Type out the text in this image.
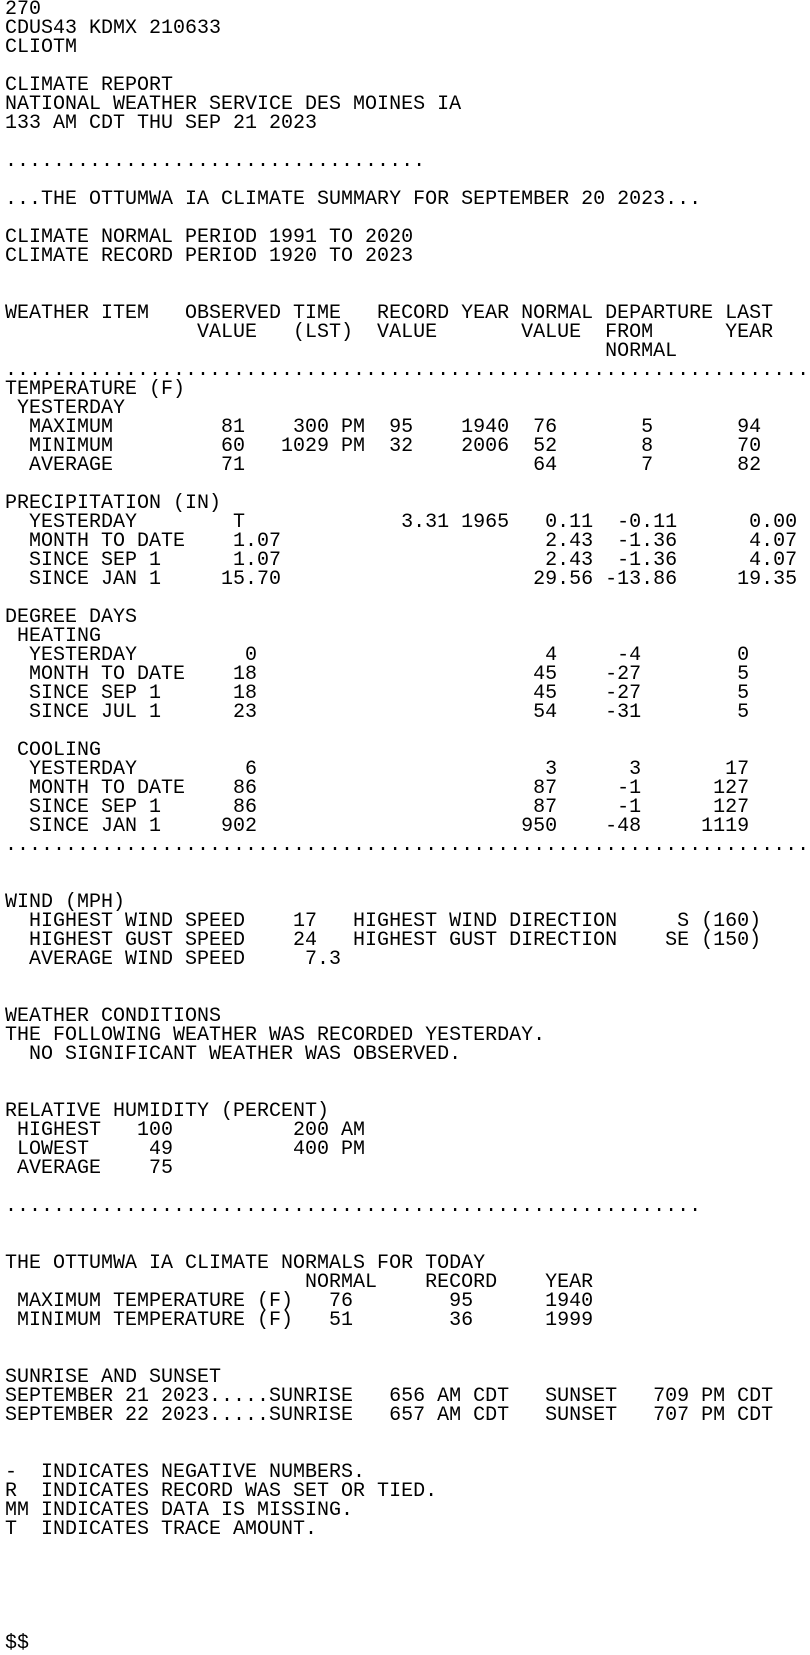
270
CDUS43 KDMX 210633
CLIOTM
CLIMATE REPORT
NATIONAL WEATHER SERVICE DES MOINES IA
133 AM CDT THU SEP 21 2023
...................................
...THE OTTUMWA IA CLIMATE SUMMARY FOR SEPTEMBER 20 2023...
CLIMATE NORMAL PERIOD 1991 TO 2020
CLIMATE RECORD PERIOD 1920 TO 2023
WEATHER ITEM   OBSERVED TIME   RECORD YEAR NORMAL DEPARTURE LAST
VALUE   (LST)  VALUE       VALUE  FROM      YEAR
NORMAL
...................................................................
TEMPERATURE (F)
YESTERDAY
MAXIMUM         81    300 PM  95    1940  76       5       94
MINIMUM         60   1029 PM  32    2006  52       8       70
AVERAGE         71                        64       7       82
PRECIPITATION (IN)
YESTERDAY        T             3.31 1965   0.11  -0.11      0.00
MONTH TO DATE    1.07                      2.43  -1.36      4.07
SINCE SEP 1      1.07                      2.43  -1.36      4.07
SINCE JAN 1     15.70                     29.56 -13.86     19.35
DEGREE DAYS
HEATING
YESTERDAY         0                        4     -4        0
MONTH TO DATE    18                       45    -27        5
SINCE SEP 1      18                       45    -27        5
SINCE JUL 1      23                       54    -31        5
COOLING
YESTERDAY         6                        3      3       17
MONTH TO DATE    86                       87     -1      127
SINCE SEP 1      86                       87     -1      127
SINCE JAN 1     902                      950    -48     1119
...................................................................
WIND (MPH)
HIGHEST WIND SPEED    17   HIGHEST WIND DIRECTION     S (160)
HIGHEST GUST SPEED    24   HIGHEST GUST DIRECTION    SE (150)
AVERAGE WIND SPEED     7.3
WEATHER CONDITIONS
THE FOLLOWING WEATHER WAS RECORDED YESTERDAY.
NO SIGNIFICANT WEATHER WAS OBSERVED.
RELATIVE HUMIDITY (PERCENT)
HIGHEST   100          200 AM
LOWEST     49          400 PM
AVERAGE    75
..........................................................
THE OTTUMWA IA CLIMATE NORMALS FOR TODAY
NORMAL    RECORD    YEAR
MAXIMUM TEMPERATURE (F)   76        95      1940
MINIMUM TEMPERATURE (F)   51        36      1999
SUNRISE AND SUNSET
SEPTEMBER 21 2023.....SUNRISE   656 AM CDT   SUNSET   709 PM CDT
SEPTEMBER 22 2023.....SUNRISE   657 AM CDT   SUNSET   707 PM CDT
-  INDICATES NEGATIVE NUMBERS.
R  INDICATES RECORD WAS SET OR TIED.
MM INDICATES DATA IS MISSING.
T  INDICATES TRACE AMOUNT.
$$
